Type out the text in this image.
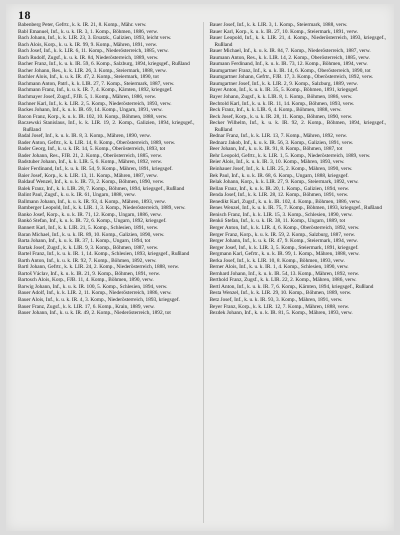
18

Babenberg Peter, Gefrtr., k. k. IR. 21, 8. Komp., Mähr. verw.

Babl Emanuel, Inf., k. u. k. IR. 3, 1. Komp., Böhmen, 1886, verw.

Bach Johann, Inf., k. k. LIR. 23, 3. Ersatzk., Galizien, 1893, leicht verw.

Bach Alois, Korp., k. u. k. IR. 99, 9. Komp., Mähren, 1891, verw.

Bach Josef, Inf., k. k. LIR. 6, 11. Komp., Niederösterreich, 1885, verw.

Bach Rudolf, Zugsf., k. u. k. IR. 84, Niederösterreich, 1889, verw.

Bacher Franz, Inf., k. u. k. IR. 59, 6. Komp., Salzburg, 1894, kriegsgef., Rußland

Bacher Johann, Res., k. k. LIR. 26, 3. Komp., Steiermark, 1888, verw.

Bachler Alois, Inf., k. u. k. IR. 47, 2. Komp., Steiermark, 1890, tot

Bachmann Anton, Patrl., k. k. LIR. 27, 7. Komp., Steiermark, 1887, verw.

Bachmann Franz, Inf., k. u. k. IR. 7, 4. Komp., Kärnten, 1892, kriegsgef.

Bachmayer Josef, Zugsf., FJB. 5, 1. Komp., Mähren, 1886, verw.

Bachner Karl, Inf., k. k. LIR. 2, 5. Komp., Niederösterreich, 1893, verw.

Backes Johann, Inf., k. u. k. IR. 69, 14. Komp., Ungarn, 1891, verw.

Bacon Franz, Korp., k. u. k. IR. 102, 10. Komp., Böhmen, 1888, verw.

Baczewski Stanislaus, Inf., k. k. LIR. 19, 2. Komp., Galizien, 1894, kriegsgef., Rußland

Badal Josef, Inf., k. u. k. IR. 8, 3. Komp., Mähren, 1890, verw.

Bader Anton, Gefrtr., k. k. LIR. 14, 8. Komp., Oberösterreich, 1889, verw.

Bader Georg, Inf., k. u. k. IR. 14, 5. Komp., Oberösterreich, 1893, tot

Bader Johann, Res., FJB. 21, 2. Komp., Oberösterreich, 1885, verw.

Badstuber Johann, Inf., k. k. LIR. 5, 6. Komp., Mähren, 1892, verw.

Baier Ferdinand, Inf., k. u. k. IR. 54, 9. Komp., Mähren, 1891, kriegsgef.

Baier Josef, Korp., k. k. LIR. 13, 11. Komp., Mähren, 1887, verw.

Baldauf Wenzel, Inf., k. u. k. IR. 73, 2. Komp., Böhmen, 1890, verw.

Balek Franz, Inf., k. k. LIR. 28, 7. Komp., Böhmen, 1894, kriegsgef., Rußland

Balint Paul, Zugsf., k. u. k. IR. 61, Ungarn, 1888, verw.

Ballmann Johann, Inf., k. u. k. IR. 93, 4. Komp., Mähren, 1893, verw.

Bamberger Leopold, Inf., k. k. LIR. 1, 3. Komp., Niederösterreich, 1889, verw.

Banko Josef, Korp., k. u. k. IR. 71, 12. Komp., Ungarn, 1886, verw.

Bankó Stefan, Inf., k. u. k. IR. 72, 6. Komp., Ungarn, 1892, kriegsgef.

Bannert Karl, Inf., k. k. LIR. 21, 5. Komp., Schlesien, 1891, verw.

Baran Michael, Inf., k. u. k. IR. 89, 10. Komp., Galizien, 1890, verw.

Barta Johann, Inf., k. u. k. IR. 37, 1. Komp., Ungarn, 1894, tot

Bartak Josef, Zugsf., k. k. LIR. 9, 3. Komp., Böhmen, 1887, verw.

Bartel Franz, Inf., k. u. k. IR. 1, 14. Komp., Schlesien, 1893, kriegsgef., Rußland

Barth Anton, Inf., k. u. k. IR. 92, 7. Komp., Böhmen, 1892, verw.

Bartl Johann, Gefrtr., k. k. LIR. 24, 2. Komp., Niederösterreich, 1888, verw.

Bartoš Václav, Inf., k. u. k. IR. 21, 9. Komp., Böhmen, 1891, verw.

Bartosch Alois, Korp., FJB. 11, 4. Komp., Böhmen, 1890, verw.

Barwig Johann, Inf., k. u. k. IR. 100, 5. Komp., Schlesien, 1894, verw.

Bauer Adolf, Inf., k. k. LIR. 2, 11. Komp., Niederösterreich, 1886, verw.

Bauer Alois, Inf., k. u. k. IR. 4, 3. Komp., Niederösterreich, 1893, kriegsgef.

Bauer Franz, Zugsf., k. k. LIR. 17, 6. Komp., Krain, 1889, verw.

Bauer Johann, Inf., k. u. k. IR. 49, 2. Komp., Niederösterreich, 1892, tot

Bauer Josef, Inf., k. k. LIR. 3, 1. Komp., Steiermark, 1888, verw.

Bauer Karl, Korp., k. u. k. IR. 27, 10. Komp., Steiermark, 1891, verw.

Bauer Leopold, Inf., k. k. LIR. 21, 4. Komp., Niederösterreich, 1893, kriegsgef., Rußland

Bauer Michael, Inf., k. u. k. IR. 84, 7. Komp., Niederösterreich, 1887, verw.

Baumann Anton, Res., k. k. LIR. 14, 2. Komp., Oberösterreich, 1885, verw.

Baumann Ferdinand, Inf., k. u. k. IR. 73, 12. Komp., Böhmen, 1894, verw.

Baumgartner Franz, Inf., k. u. k. IR. 14, 6. Komp., Oberösterreich, 1890, tot

Baumgartner Johann, Gefrtr., FJB. 17, 3. Komp., Oberösterreich, 1892, verw.

Baumgartner Josef, Inf., k. k. LIR. 2, 9. Komp., Salzburg, 1889, verw.

Bayer Anton, Inf., k. u. k. IR. 35, 5. Komp., Böhmen, 1891, kriegsgef.

Bayer Johann, Zugsf., k. k. LIR. 8, 1. Komp., Böhmen, 1886, verw.

Bechtold Karl, Inf., k. u. k. IR. 11, 14. Komp., Böhmen, 1893, verw.

Beck Franz, Inf., k. k. LIR. 6, 4. Komp., Böhmen, 1888, verw.

Beck Josef, Korp., k. u. k. IR. 28, 11. Komp., Böhmen, 1890, verw.

Becker Wilhelm, Inf., k. u. k. IR. 92, 2. Komp., Böhmen, 1894, kriegsgef., Rußland

Bednar Franz, Inf., k. k. LIR. 13, 7. Komp., Mähren, 1892, verw.

Bednarz Jakob, Inf., k. u. k. IR. 56, 3. Komp., Galizien, 1891, verw.

Beer Johann, Inf., k. u. k. IR. 91, 8. Komp., Böhmen, 1887, tot

Behr Leopold, Gefrtr., k. k. LIR. 1, 5. Komp., Niederösterreich, 1889, verw.

Beier Alois, Inf., k. u. k. IR. 3, 10. Komp., Mähren, 1893, verw.

Beinhauer Josef, Inf., k. k. LIR. 25, 2. Komp., Mähren, 1890, verw.

Bek Paul, Inf., k. u. k. IR. 68, 6. Komp., Ungarn, 1888, kriegsgef.

Belak Johann, Korp., k. k. LIR. 27, 9. Komp., Steiermark, 1892, verw.

Bellan Franz, Inf., k. u. k. IR. 20, 1. Komp., Galizien, 1894, verw.

Benda Josef, Inf., k. k. LIR. 28, 12. Komp., Böhmen, 1891, verw.

Benedikt Karl, Zugsf., k. u. k. IR. 102, 4. Komp., Böhmen, 1886, verw.

Benes Wenzel, Inf., k. u. k. IR. 75, 7. Komp., Böhmen, 1893, kriegsgef., Rußland

Benisch Franz, Inf., k. k. LIR. 15, 3. Komp., Schlesien, 1890, verw.

Benkö Stefan, Inf., k. u. k. IR. 38, 11. Komp., Ungarn, 1889, tot

Berger Anton, Inf., k. k. LIR. 4, 6. Komp., Oberösterreich, 1892, verw.

Berger Franz, Korp., k. u. k. IR. 59, 2. Komp., Salzburg, 1887, verw.

Berger Johann, Inf., k. u. k. IR. 47, 9. Komp., Steiermark, 1894, verw.

Berger Josef, Inf., k. k. LIR. 3, 5. Komp., Steiermark, 1891, kriegsgef.

Bergmann Karl, Gefrtr., k. u. k. IR. 99, 1. Komp., Mähren, 1888, verw.

Berka Josef, Inf., k. k. LIR. 10, 8. Komp., Böhmen, 1893, verw.

Berner Alois, Inf., k. u. k. IR. 1, 4. Komp., Schlesien, 1890, verw.

Bernhard Johann, Inf., k. u. k. IR. 54, 13. Komp., Mähren, 1892, verw.

Berthold Franz, Zugsf., k. k. LIR. 22, 2. Komp., Mähren, 1886, verw.

Bertl Anton, Inf., k. u. k. IR. 7, 6. Komp., Kärnten, 1894, kriegsgef., Rußland

Besta Wenzel, Inf., k. k. LIR. 29, 10. Komp., Böhmen, 1889, verw.

Betz Josef, Inf., k. u. k. IR. 93, 3. Komp., Mähren, 1891, verw.

Beyer Franz, Korp., k. k. LIR. 12, 7. Komp., Mähren, 1888, verw.

Bezdek Johann, Inf., k. u. k. IR. 81, 5. Komp., Mähren, 1893, verw.
